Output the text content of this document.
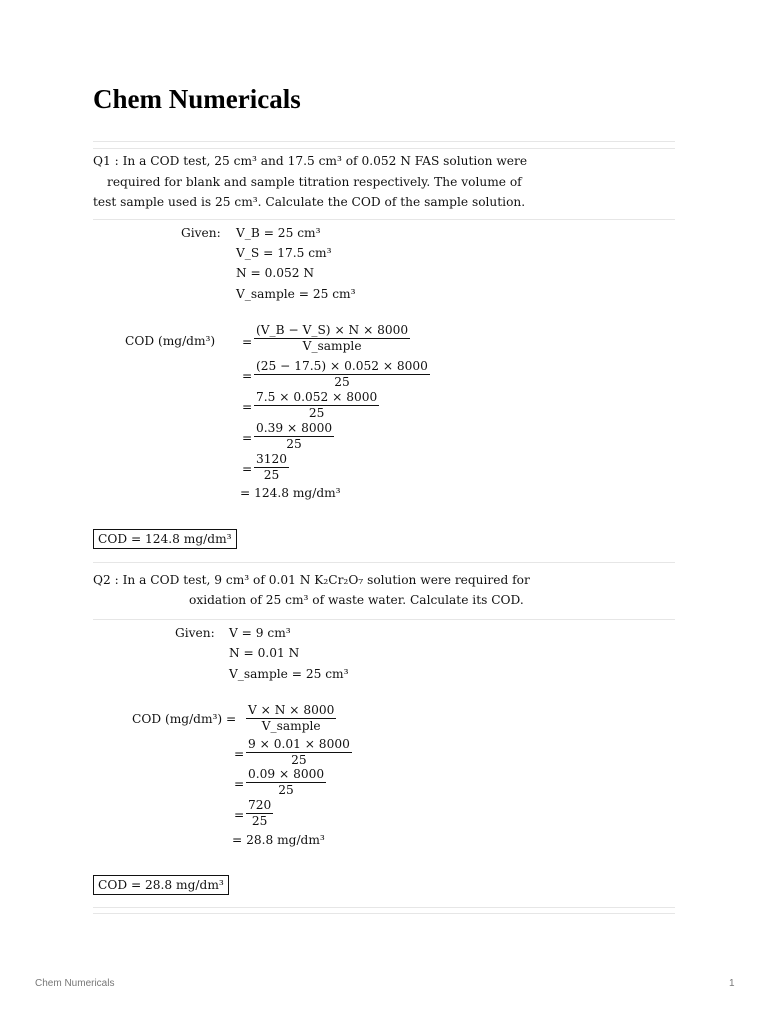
Chem Numericals
Q1 : In a COD test, 25 cm³ and 17.5 cm³ of 0.052 N FAS solution were
required for blank and sample titration respectively. The volume of
test sample used is 25 cm³. Calculate the COD of the sample solution.
Given: V_B = 25 cm³
V_S = 17.5 cm³
N = 0.052 N
V_sample = 25 cm³
COD (mg/dm³) =
(V_B − V_S) × N × 8000
V_sample
=
(25 − 17.5) × 0.052 × 8000
25
=
7.5 × 0.052 × 8000
25
=
0.39 × 8000
25
=
3120
25
= 124.8 mg/dm³
COD = 124.8 mg/dm³
Q2 : In a COD test, 9 cm³ of 0.01 N K₂Cr₂O₇ solution were required for
oxidation of 25 cm³ of waste water. Calculate its COD.
Given: V = 9 cm³
N = 0.01 N
V_sample = 25 cm³
COD (mg/dm³) =
V × N × 8000
V_sample
=
9 × 0.01 × 8000
25
=
0.09 × 8000
25
=
720
25
= 28.8 mg/dm³
COD = 28.8 mg/dm³
Chem Numericals	1
